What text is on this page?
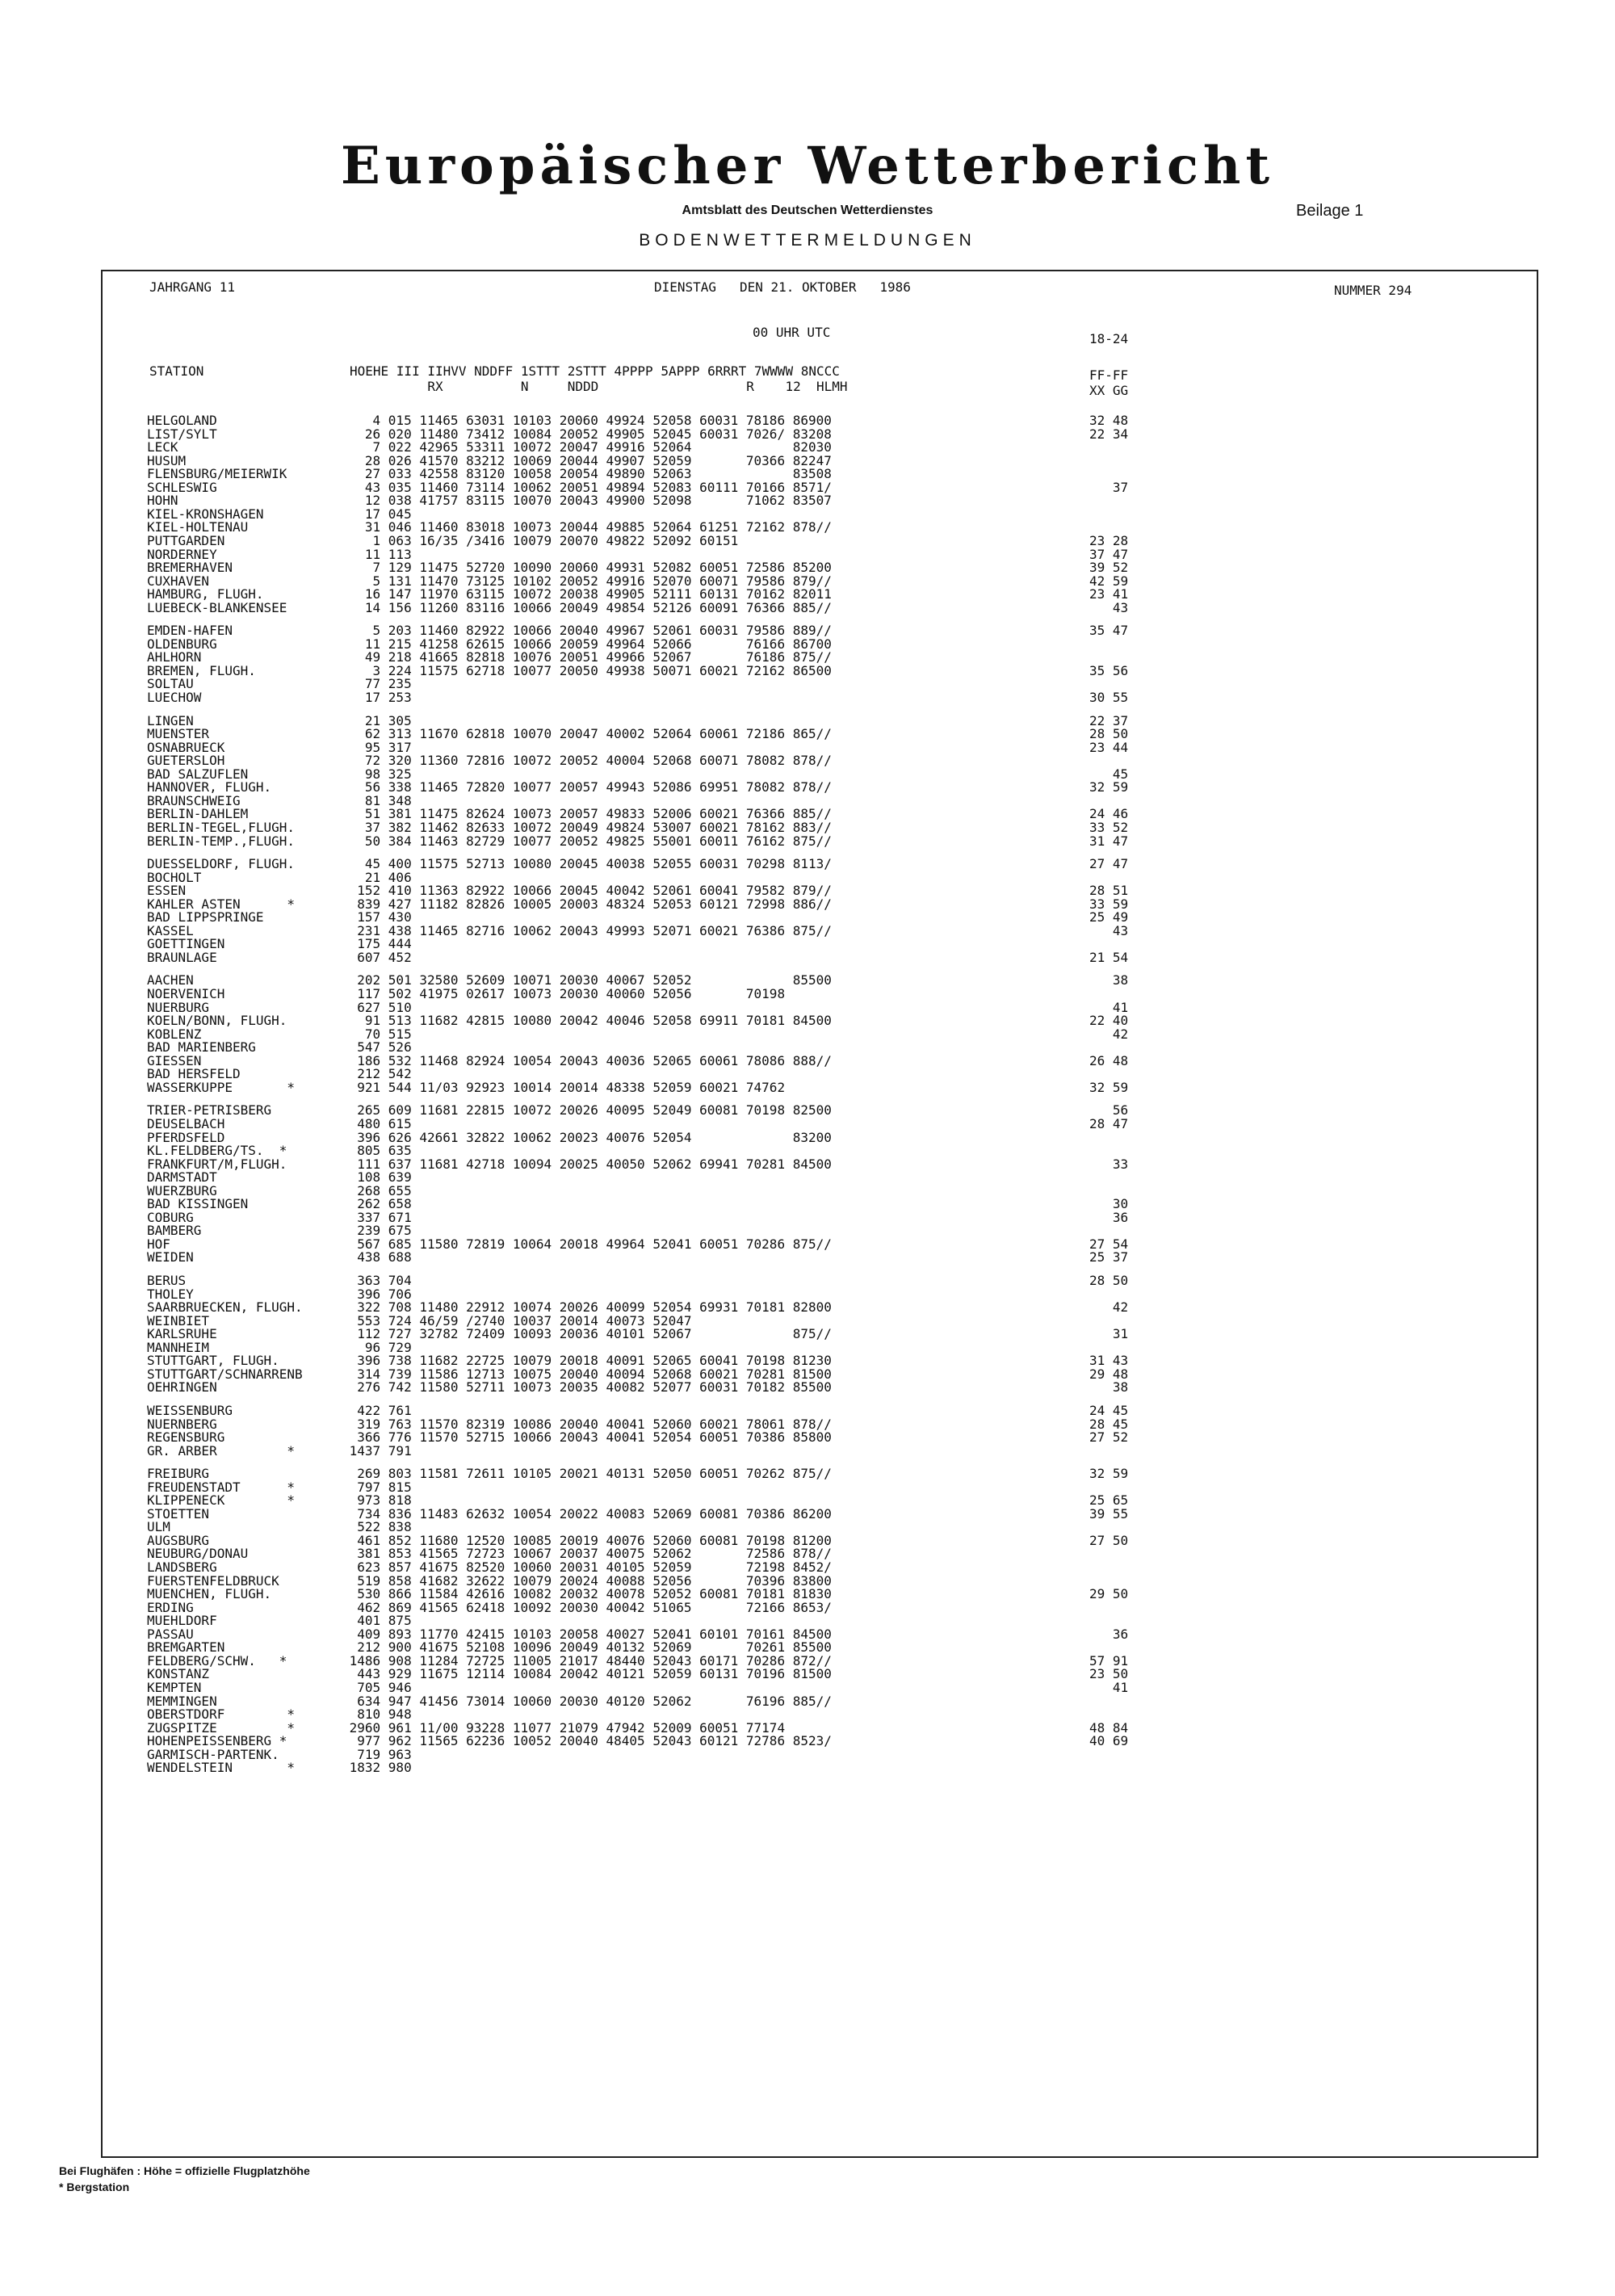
Europäischer Wetterbericht
Amtsblatt des Deutschen Wetterdienstes	Beilage 1
BODENWETTERMELDUNGEN
JAHRGANG 11	DIENSTAG   DEN 21. OKTOBER   1986	NUMMER 294
00 UHR UTC	18-24
STATION	HOEHE III IIHVV NDDFF 1STTT 2STTT 4PPPP 5APPP 6RRRT 7WWWW 8NCCC
RX          N     NDDD                   R    12  HLMH
FF-FF
XX GG
HELGOLAND	4 015 11465 63031 10103 20060 49924 52058 60031 78186 86900	32 48
LIST/SYLT	26 020 11480 73412 10084 20052 49905 52045 60031 7026/ 83208	22 34
LECK	7 022 42965 53311 10072 20047 49916 52064             82030
HUSUM	28 026 41570 83212 10069 20044 49907 52059       70366 82247
FLENSBURG/MEIERWIK	27 033 42558 83120 10058 20054 49890 52063             83508
SCHLESWIG	43 035 11460 73114 10062 20051 49894 52083 60111 70166 8571/	37
HOHN	12 038 41757 83115 10070 20043 49900 52098       71062 83507
KIEL-KRONSHAGEN	17 045
KIEL-HOLTENAU	31 046 11460 83018 10073 20044 49885 52064 61251 72162 878//
PUTTGARDEN	1 063 16/35 /3416 10079 20070 49822 52092 60151	23 28
NORDERNEY	11 113	37 47
BREMERHAVEN	7 129 11475 52720 10090 20060 49931 52082 60051 72586 85200	39 52
CUXHAVEN	5 131 11470 73125 10102 20052 49916 52070 60071 79586 879//	42 59
HAMBURG, FLUGH.	16 147 11970 63115 10072 20038 49905 52111 60131 70162 82011	23 41
LUEBECK-BLANKENSEE	14 156 11260 83116 10066 20049 49854 52126 60091 76366 885//	43
EMDEN-HAFEN	5 203 11460 82922 10066 20040 49967 52061 60031 79586 889//	35 47
OLDENBURG	11 215 41258 62615 10066 20059 49964 52066       76166 86700
AHLHORN	49 218 41665 82818 10076 20051 49966 52067       76186 875//
BREMEN, FLUGH.	3 224 11575 62718 10077 20050 49938 50071 60021 72162 86500	35 56
SOLTAU	77 235
LUECHOW	17 253	30 55
LINGEN	21 305	22 37
MUENSTER	62 313 11670 62818 10070 20047 40002 52064 60061 72186 865//	28 50
OSNABRUECK	95 317	23 44
GUETERSLOH	72 320 11360 72816 10072 20052 40004 52068 60071 78082 878//
BAD SALZUFLEN	98 325	45
HANNOVER, FLUGH.	56 338 11465 72820 10077 20057 49943 52086 69951 78082 878//	32 59
BRAUNSCHWEIG	81 348
BERLIN-DAHLEM	51 381 11475 82624 10073 20057 49833 52006 60021 76366 885//	24 46
BERLIN-TEGEL,FLUGH.	37 382 11462 82633 10072 20049 49824 53007 60021 78162 883//	33 52
BERLIN-TEMP.,FLUGH.	50 384 11463 82729 10077 20052 49825 55001 60011 76162 875//	31 47
DUESSELDORF, FLUGH.	45 400 11575 52713 10080 20045 40038 52055 60031 70298 8113/	27 47
BOCHOLT	21 406
ESSEN	152 410 11363 82922 10066 20045 40042 52061 60041 79582 879//	28 51
KAHLER ASTEN      *	839 427 11182 82826 10005 20003 48324 52053 60121 72998 886//	33 59
BAD LIPPSPRINGE	157 430	25 49
KASSEL	231 438 11465 82716 10062 20043 49993 52071 60021 76386 875//	43
GOETTINGEN	175 444
BRAUNLAGE	607 452	21 54
AACHEN	202 501 32580 52609 10071 20030 40067 52052             85500	38
NOERVENICH	117 502 41975 02617 10073 20030 40060 52056       70198
NUERBURG	627 510	41
KOELN/BONN, FLUGH.	91 513 11682 42815 10080 20042 40046 52058 69911 70181 84500	22 40
KOBLENZ	70 515	42
BAD MARIENBERG	547 526
GIESSEN	186 532 11468 82924 10054 20043 40036 52065 60061 78086 888//	26 48
BAD HERSFELD	212 542
WASSERKUPPE       *	921 544 11/03 92923 10014 20014 48338 52059 60021 74762	32 59
TRIER-PETRISBERG	265 609 11681 22815 10072 20026 40095 52049 60081 70198 82500	56
DEUSELBACH	480 615	28 47
PFERDSFELD	396 626 42661 32822 10062 20023 40076 52054             83200
KL.FELDBERG/TS.  *	805 635
FRANKFURT/M,FLUGH.	111 637 11681 42718 10094 20025 40050 52062 69941 70281 84500	33
DARMSTADT	108 639
WUERZBURG	268 655
BAD KISSINGEN	262 658	30
COBURG	337 671	36
BAMBERG	239 675
HOF	567 685 11580 72819 10064 20018 49964 52041 60051 70286 875//	27 54
WEIDEN	438 688	25 37
BERUS	363 704	28 50
THOLEY	396 706
SAARBRUECKEN, FLUGH.	322 708 11480 22912 10074 20026 40099 52054 69931 70181 82800	42
WEINBIET	553 724 46/59 /2740 10037 20014 40073 52047
KARLSRUHE	112 727 32782 72409 10093 20036 40101 52067             875//	31
MANNHEIM	96 729
STUTTGART, FLUGH.	396 738 11682 22725 10079 20018 40091 52065 60041 70198 81230	31 43
STUTTGART/SCHNARRENB	314 739 11586 12713 10075 20040 40094 52068 60021 70281 81500	29 48
OEHRINGEN	276 742 11580 52711 10073 20035 40082 52077 60031 70182 85500	38
WEISSENBURG	422 761	24 45
NUERNBERG	319 763 11570 82319 10086 20040 40041 52060 60021 78061 878//	28 45
REGENSBURG	366 776 11570 52715 10066 20043 40041 52054 60051 70386 85800	27 52
GR. ARBER         *	1437 791
FREIBURG	269 803 11581 72611 10105 20021 40131 52050 60051 70262 875//	32 59
FREUDENSTADT      *	797 815
KLIPPENECK        *	973 818	25 65
STOETTEN	734 836 11483 62632 10054 20022 40083 52069 60081 70386 86200	39 55
ULM	522 838
AUGSBURG	461 852 11680 12520 10085 20019 40076 52060 60081 70198 81200	27 50
NEUBURG/DONAU	381 853 41565 72723 10067 20037 40075 52062       72586 878//
LANDSBERG	623 857 41675 82520 10060 20031 40105 52059       72198 8452/
FUERSTENFELDBRUCK	519 858 41682 32622 10079 20024 40088 52056       70396 83800
MUENCHEN, FLUGH.	530 866 11584 42616 10082 20032 40078 52052 60081 70181 81830	29 50
ERDING	462 869 41565 62418 10092 20030 40042 51065       72166 8653/
MUEHLDORF	401 875
PASSAU	409 893 11770 42415 10103 20058 40027 52041 60101 70161 84500	36
BREMGARTEN	212 900 41675 52108 10096 20049 40132 52069       70261 85500
FELDBERG/SCHW.   *	1486 908 11284 72725 11005 21017 48440 52043 60171 70286 872//	57 91
KONSTANZ	443 929 11675 12114 10084 20042 40121 52059 60131 70196 81500	23 50
KEMPTEN	705 946	41
MEMMINGEN	634 947 41456 73014 10060 20030 40120 52062       76196 885//
OBERSTDORF        *	810 948
ZUGSPITZE         *	2960 961 11/00 93228 11077 21079 47942 52009 60051 77174	48 84
HOHENPEISSENBERG *	977 962 11565 62236 10052 20040 48405 52043 60121 72786 8523/	40 69
GARMISCH-PARTENK.	719 963
WENDELSTEIN       *	1832 980
Bei Flughäfen : Höhe = offizielle Flugplatzhöhe
* Bergstation
